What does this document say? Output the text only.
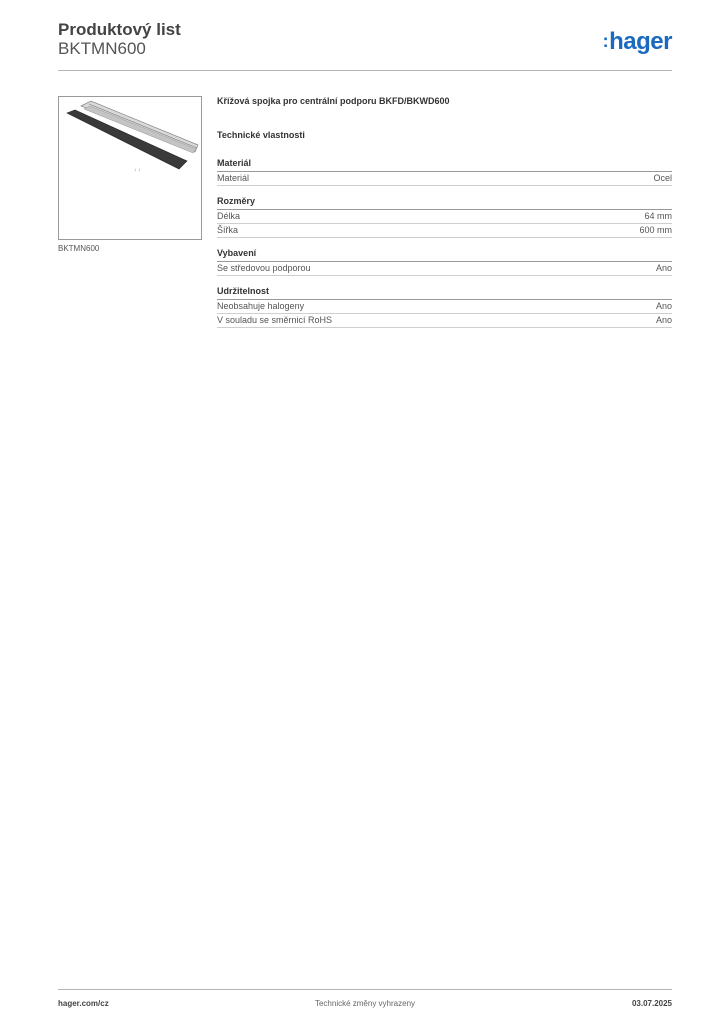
Produktový list
BKTMN600	:hager
↓ ↓
BKTMN600
Křížová spojka pro centrální podporu BKFD/BKWD600
Technické vlastnosti
Materiál
Materiál	Ocel
Rozměry
Délka	64 mm
Šířka	600 mm
Vybavení
Se středovou podporou	Ano
Udržitelnost
Neobsahuje halogeny	Ano
V souladu se směrnicí RoHS	Ano
hager.com/cz	Technické změny vyhrazeny	03.07.2025
